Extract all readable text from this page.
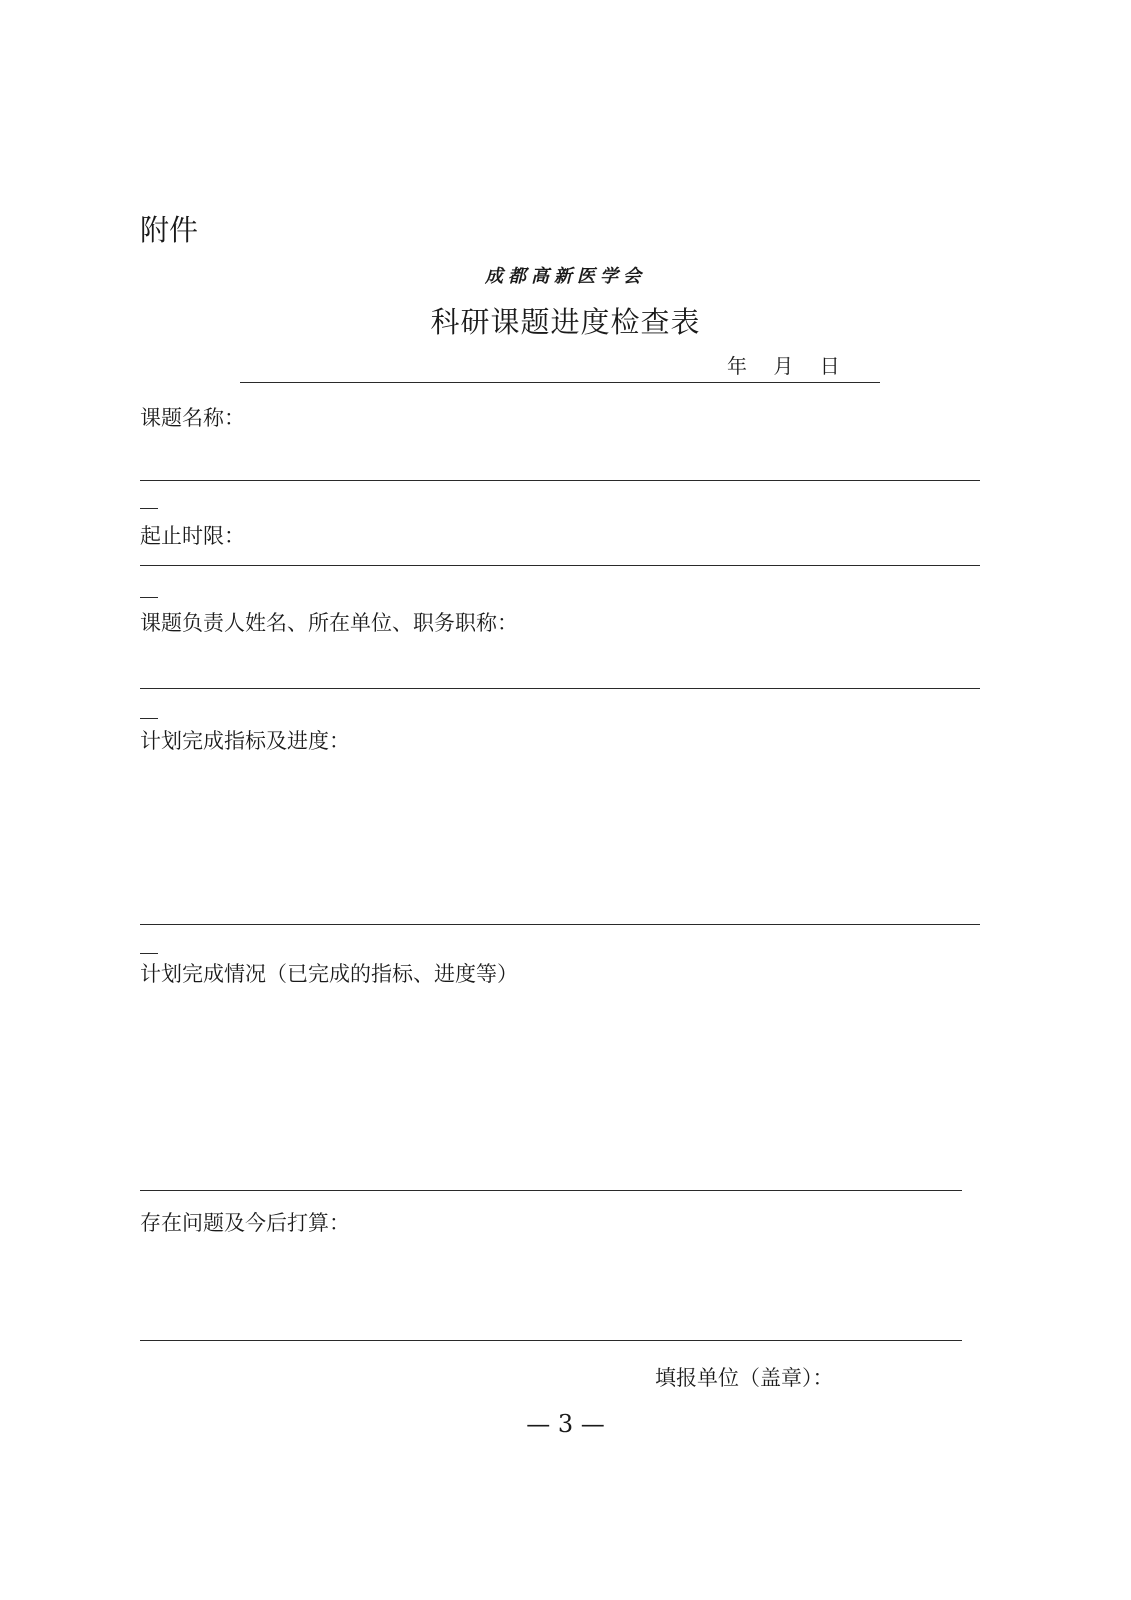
附件
成都高新医学会
科研课题进度检查表
年 月 日
课题名称：
起止时限：
课题负责人姓名、所在单位、职务职称：
计划完成指标及进度：
计划完成情况（已完成的指标、进度等）
存在问题及今后打算：
填报单位（盖章）：
— 3 —
